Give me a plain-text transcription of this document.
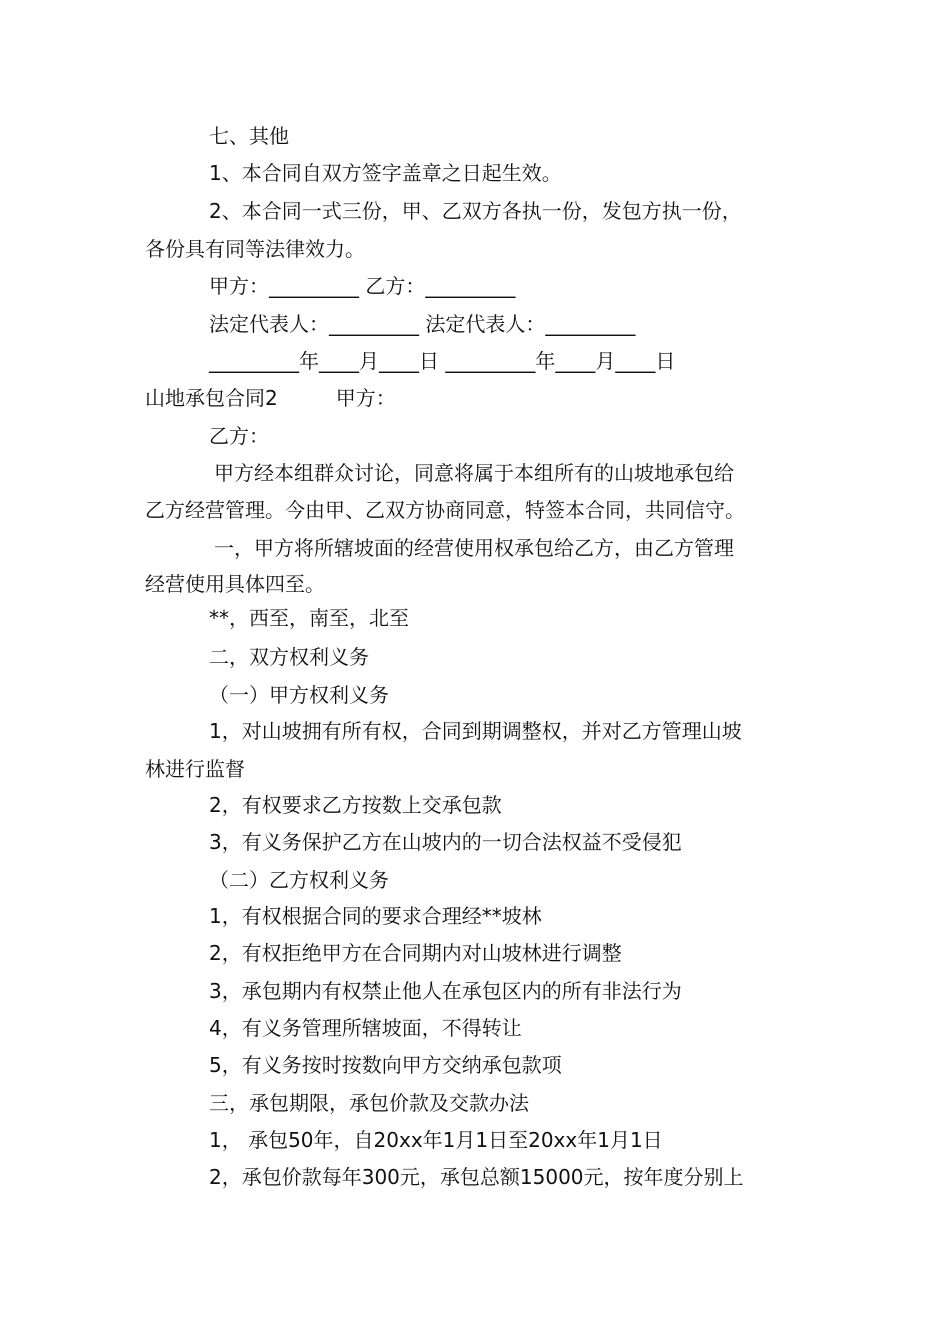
七、其他
1、本合同自双方签字盖章之日起生效。
2、本合同一式三份，甲、乙双方各执一份，发包方执一份，
各份具有同等法律效力。
甲方：_________ 乙方：_________
法定代表人：_________ 法定代表人：_________
_________年____月____日 _________年____月____日
山地承包合同2	甲方：
乙方：
甲方经本组群众讨论，同意将属于本组所有的山坡地承包给
乙方经营管理。今由甲、乙双方协商同意，特签本合同，共同信守。
一，甲方将所辖坡面的经营使用权承包给乙方，由乙方管理
经营使用具体四至。
**，西至，南至，北至
二，双方权利义务
（一）甲方权利义务
1，对山坡拥有所有权，合同到期调整权，并对乙方管理山坡
林进行监督
2，有权要求乙方按数上交承包款
3，有义务保护乙方在山坡内的一切合法权益不受侵犯
（二）乙方权利义务
1，有权根据合同的要求合理经**坡林
2，有权拒绝甲方在合同期内对山坡林进行调整
3，承包期内有权禁止他人在承包区内的所有非法行为
4，有义务管理所辖坡面，不得转让
5，有义务按时按数向甲方交纳承包款项
三，承包期限，承包价款及交款办法
1， 承包50年，自20xx年1月1日至20xx年1月1日
2，承包价款每年300元，承包总额15000元，按年度分别上
